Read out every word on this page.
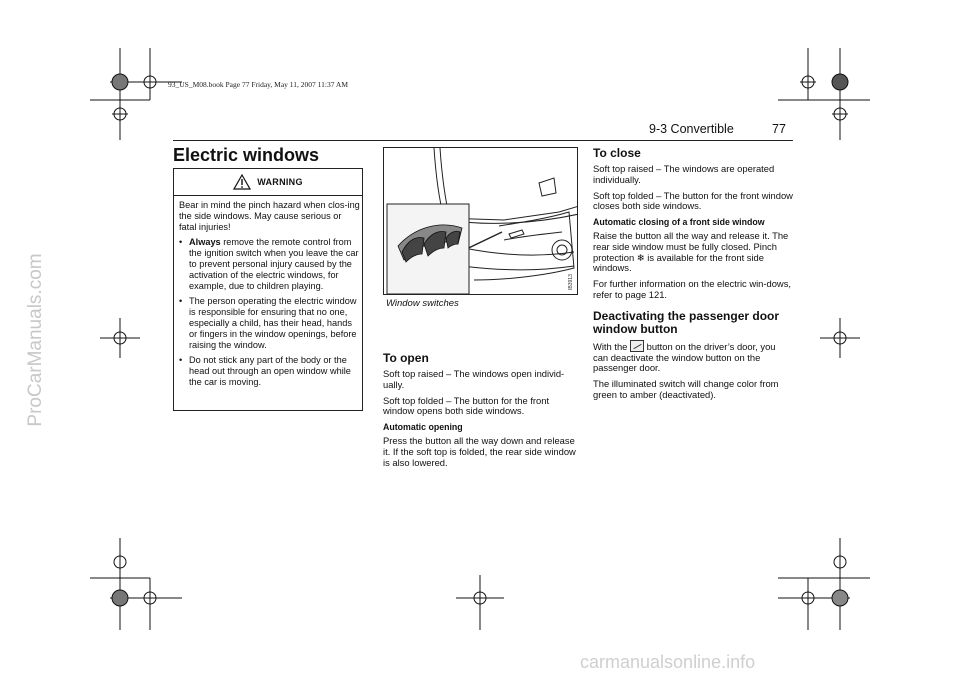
93_US_M08.book Page 77 Friday, May 11, 2007 11:37 AM
ProCarManuals.com
carmanualsonline.info
9-3 Convertible	77
Electric windows
WARNING

Bear in mind the pinch hazard when clos-ing the side windows. May cause serious or fatal injuries!

• Always remove the remote control from the ignition switch when you leave the car to prevent personal injury caused by the activation of the electric windows, for example, due to children playing.
• The person operating the electric window is responsible for ensuring that no one, especially a child, has their head, hands or fingers in the window openings, before raising the window.
• Do not stick any part of the body or the head out through an open window while the car is moving.
IB3913
Window switches
To open

Soft top raised – The windows open individ-ually.

Soft top folded – The button for the front window opens both side windows.

Automatic opening

Press the button all the way down and release it. If the soft top is folded, the rear side window is also lowered.

To close

Soft top raised – The windows are operated individually.

Soft top folded – The button for the front window closes both side windows.

Automatic closing of a front side window

Raise the button all the way and release it. The rear side window must be fully closed. Pinch protection ❄ is available for the front side windows.

For further information on the electric win-dows, refer to page 121.

Deactivating the passenger door window button

With the  button on the driver’s door, you can deactivate the window button on the passenger door.

The illuminated switch will change color from green to amber (deactivated).
